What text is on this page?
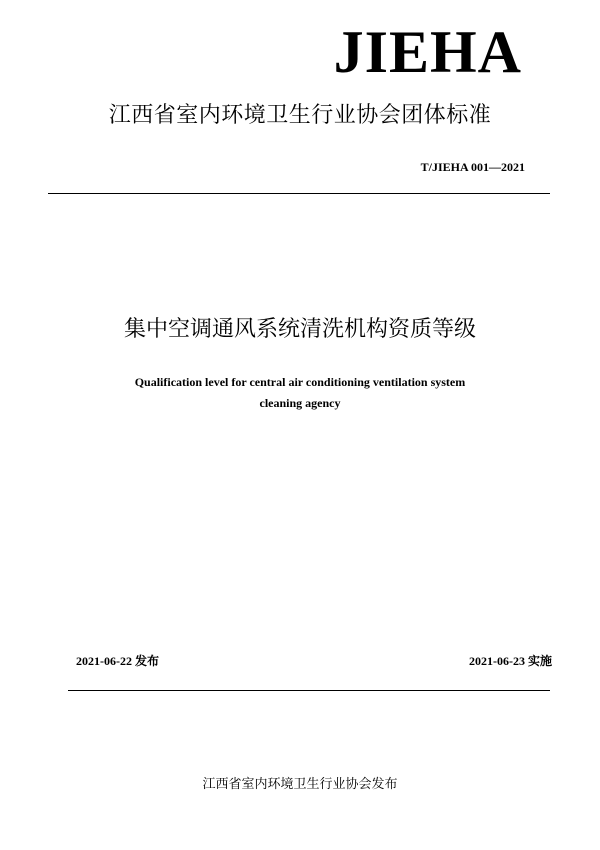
JIEHA
江西省室内环境卫生行业协会团体标准
T/JIEHA 001—2021
集中空调通风系统清洗机构资质等级
Qualification level for central air conditioning ventilation system
cleaning agency
2021-06-22 发布	2021-06-23 实施
江西省室内环境卫生行业协会发布
